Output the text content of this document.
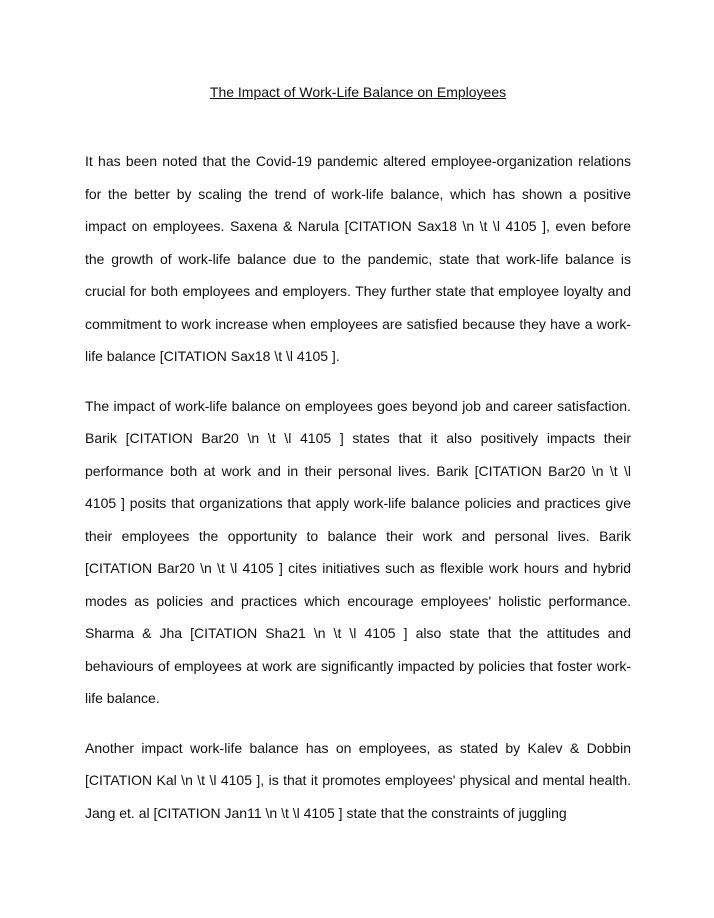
The Impact of Work-Life Balance on Employees

It has been noted that the Covid-19 pandemic altered employee-organization relations for the better by scaling the trend of work-life balance, which has shown a positive impact on employees. Saxena & Narula [CITATION Sax18 \n \t \l 4105 ], even before the growth of work-life balance due to the pandemic, state that work-life balance is crucial for both employees and employers. They further state that employee loyalty and commitment to work increase when employees are satisfied because they have a work-life balance [CITATION Sax18 \t \l 4105 ].

The impact of work-life balance on employees goes beyond job and career satisfaction. Barik [CITATION Bar20 \n \t \l 4105 ] states that it also positively impacts their performance both at work and in their personal lives. Barik [CITATION Bar20 \n \t \l 4105 ] posits that organizations that apply work-life balance policies and practices give their employees the opportunity to balance their work and personal lives. Barik [CITATION Bar20 \n \t \l 4105 ] cites initiatives such as flexible work hours and hybrid modes as policies and practices which encourage employees' holistic performance. Sharma & Jha [CITATION Sha21 \n \t \l 4105 ] also state that the attitudes and behaviours of employees at work are significantly impacted by policies that foster work-life balance.

Another impact work-life balance has on employees, as stated by Kalev & Dobbin [CITATION Kal \n \t \l 4105 ], is that it promotes employees' physical and mental health. Jang et. al [CITATION Jan11 \n \t \l 4105 ] state that the constraints of juggling
